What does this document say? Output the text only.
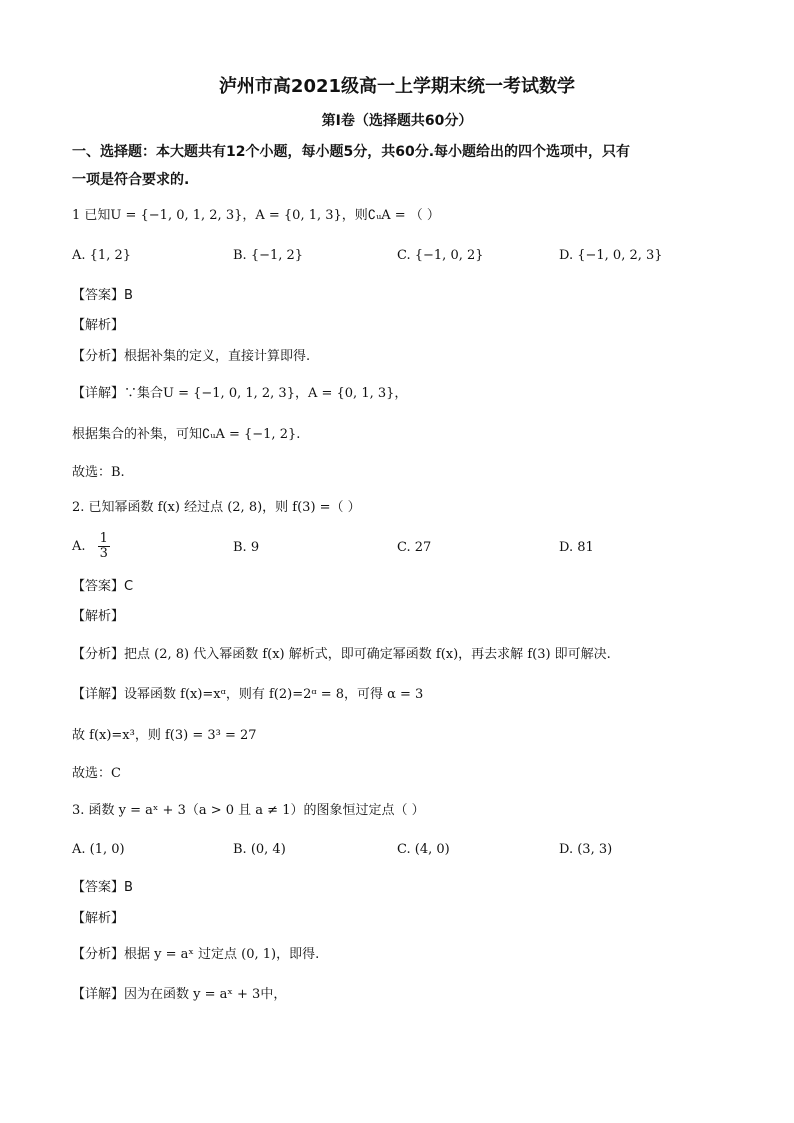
泸州市高2021级高一上学期末统一考试数学
第I卷（选择题共60分）
一、选择题：本大题共有12个小题，每小题5分，共60分.每小题给出的四个选项中，只有
一项是符合要求的.
1 已知U = {−1, 0, 1, 2, 3}，A = {0, 1, 3}，则∁ᵤA = （ ）
A. {1, 2}	B. {−1, 2}	C. {−1, 0, 2}	D. {−1, 0, 2, 3}
【答案】B
【解析】
【分析】根据补集的定义，直接计算即得.
【详解】∵集合U = {−1, 0, 1, 2, 3}，A = {0, 1, 3}，
根据集合的补集，可知∁ᵤA = {−1, 2}.
故选：B.
2. 已知幂函数 f(x) 经过点 (2, 8)，则 f(3) =（ ）
A. $\frac{1}{3}$	B. 9	C. 27	D. 81
【答案】C
【解析】
【分析】把点 (2, 8) 代入幂函数 f(x) 解析式，即可确定幂函数 f(x)，再去求解 f(3) 即可解决.
【详解】设幂函数 f(x)=xᵅ，则有 f(2)=2ᵅ = 8，可得 α = 3
故 f(x)=x³，则 f(3) = 3³ = 27
故选：C
3. 函数 y = aˣ + 3（a > 0 且 a ≠ 1）的图象恒过定点（ ）
A. (1, 0)	B. (0, 4)	C. (4, 0)	D. (3, 3)
【答案】B
【解析】
【分析】根据 y = aˣ 过定点 (0, 1)，即得.
【详解】因为在函数 y = aˣ + 3中，
